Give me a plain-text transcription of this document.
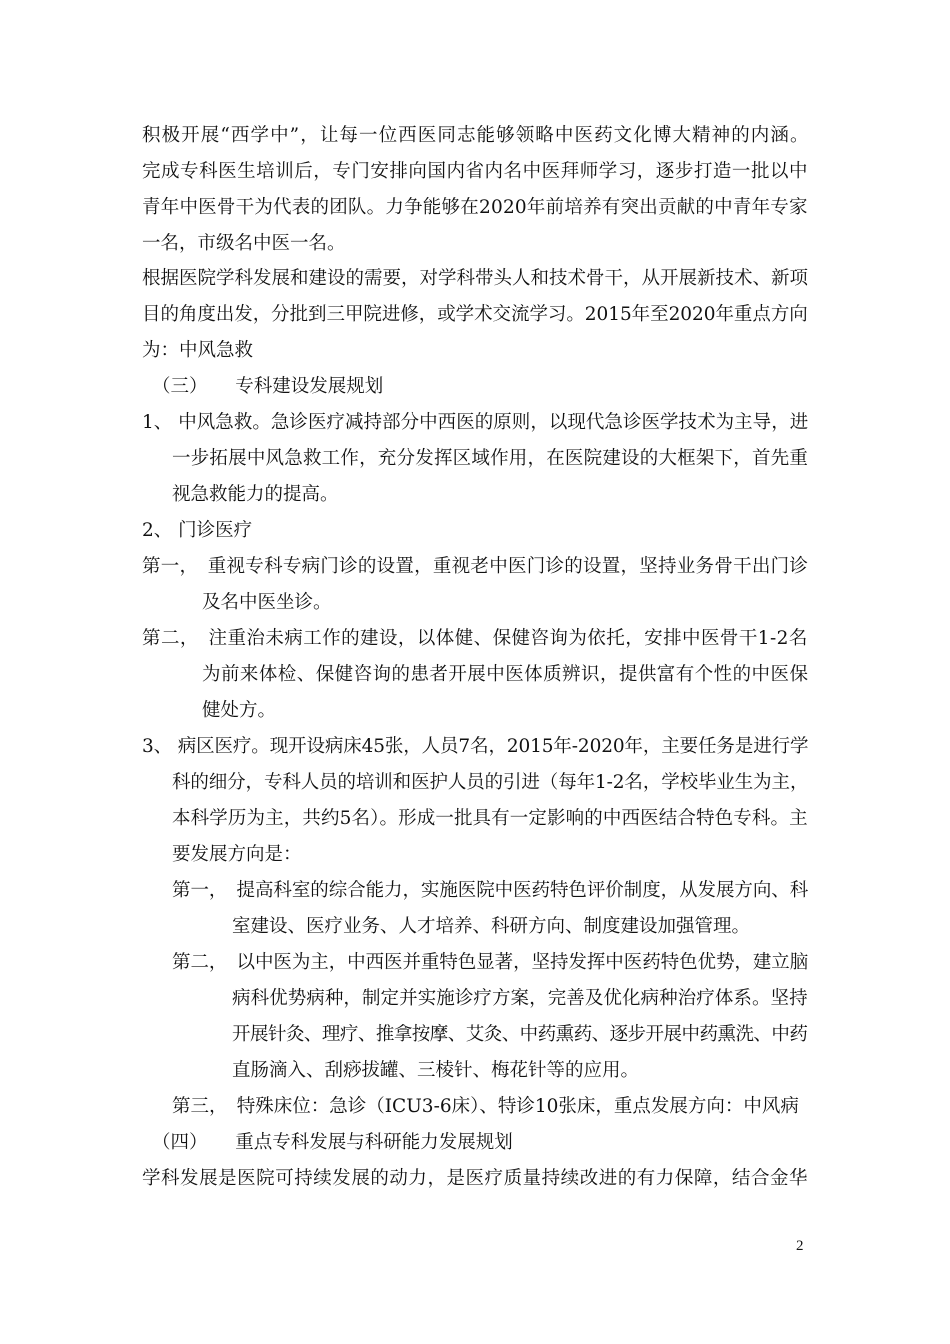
积极开展“西学中”，让每一位西医同志能够领略中医药文化博大精神的内涵。
完成专科医生培训后，专门安排向国内省内名中医拜师学习，逐步打造一批以中
青年中医骨干为代表的团队。力争能够在2020年前培养有突出贡献的中青年专家
一名，市级名中医一名。
根据医院学科发展和建设的需要，对学科带头人和技术骨干，从开展新技术、新项
目的角度出发，分批到三甲院进修，或学术交流学习。2015年至2020年重点方向
为：中风急救
（三）　　专科建设发展规划
1、 中风急救。急诊医疗减持部分中西医的原则，以现代急诊医学技术为主导，进
一步拓展中风急救工作，充分发挥区域作用，在医院建设的大框架下，首先重
视急救能力的提高。
2、 门诊医疗
第一，　重视专科专病门诊的设置，重视老中医门诊的设置，坚持业务骨干出门诊
及名中医坐诊。
第二，　注重治未病工作的建设，以体健、保健咨询为依托，安排中医骨干1-2名
为前来体检、保健咨询的患者开展中医体质辨识，提供富有个性的中医保
健处方。
3、 病区医疗。现开设病床45张，人员7名，2015年-2020年，主要任务是进行学
科的细分，专科人员的培训和医护人员的引进（每年1-2名，学校毕业生为主，
本科学历为主，共约5名）。形成一批具有一定影响的中西医结合特色专科。主
要发展方向是：
第一，　提高科室的综合能力，实施医院中医药特色评价制度，从发展方向、科
室建设、医疗业务、人才培养、科研方向、制度建设加强管理。
第二，　以中医为主，中西医并重特色显著，坚持发挥中医药特色优势，建立脑
病科优势病种，制定并实施诊疗方案，完善及优化病种治疗体系。坚持
开展针灸、理疗、推拿按摩、艾灸、中药熏药、逐步开展中药熏洗、中药
直肠滴入、刮痧拔罐、三棱针、梅花针等的应用。
第三，　特殊床位：急诊（ICU3-6床）、特诊10张床，重点发展方向：中风病
（四）　　重点专科发展与科研能力发展规划
学科发展是医院可持续发展的动力，是医疗质量持续改进的有力保障，结合金华
2
